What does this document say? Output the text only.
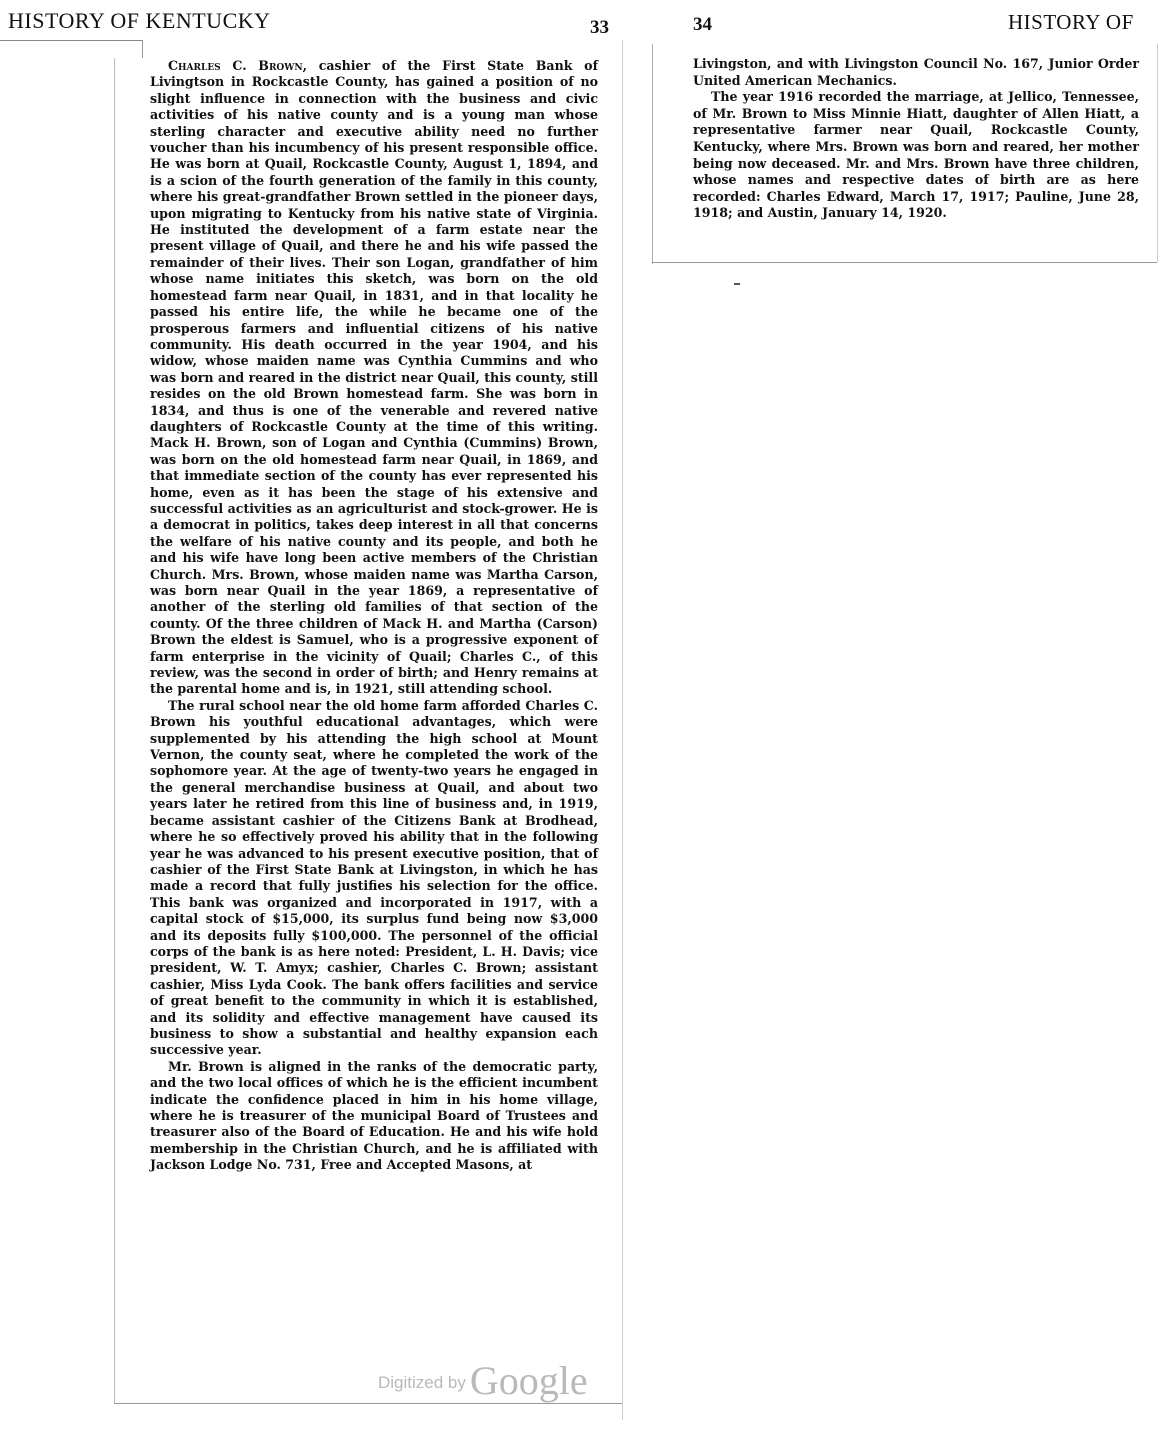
HISTORY OF KENTUCKY	33	34	HISTORY OF

Charles C. Brown, cashier of the First State Bank of Livingtson in Rockcastle County, has gained a position of no slight influence in connection with the business and civic activities of his native county and is a young man whose sterling character and executive ability need no further voucher than his incumbency of his present responsible office. He was born at Quail, Rockcastle County, August 1, 1894, and is a scion of the fourth generation of the family in this county, where his great-grandfather Brown settled in the pioneer days, upon migrating to Kentucky from his native state of Virginia. He instituted the development of a farm estate near the present village of Quail, and there he and his wife passed the remainder of their lives. Their son Logan, grandfather of him whose name initiates this sketch, was born on the old homestead farm near Quail, in 1831, and in that locality he passed his entire life, the while he became one of the prosperous farmers and influential citizens of his native community. His death occurred in the year 1904, and his widow, whose maiden name was Cynthia Cummins and who was born and reared in the district near Quail, this county, still resides on the old Brown homestead farm. She was born in 1834, and thus is one of the venerable and revered native daughters of Rockcastle County at the time of this writing. Mack H. Brown, son of Logan and Cynthia (Cummins) Brown, was born on the old homestead farm near Quail, in 1869, and that immediate section of the county has ever represented his home, even as it has been the stage of his extensive and successful activities as an agriculturist and stock-grower. He is a democrat in politics, takes deep interest in all that concerns the welfare of his native county and its people, and both he and his wife have long been active members of the Christian Church. Mrs. Brown, whose maiden name was Martha Carson, was born near Quail in the year 1869, a representative of another of the sterling old families of that section of the county. Of the three children of Mack H. and Martha (Carson) Brown the eldest is Samuel, who is a progressive exponent of farm enterprise in the vicinity of Quail; Charles C., of this review, was the second in order of birth; and Henry remains at the parental home and is, in 1921, still attending school.

The rural school near the old home farm afforded Charles C. Brown his youthful educational advantages, which were supplemented by his attending the high school at Mount Vernon, the county seat, where he completed the work of the sophomore year. At the age of twenty-two years he engaged in the general merchandise business at Quail, and about two years later he retired from this line of business and, in 1919, became assistant cashier of the Citizens Bank at Brodhead, where he so effectively proved his ability that in the following year he was advanced to his present executive position, that of cashier of the First State Bank at Livingston, in which he has made a record that fully justifies his selection for the office. This bank was organized and incorporated in 1917, with a capital stock of $15,000, its surplus fund being now $3,000 and its deposits fully $100,000. The personnel of the official corps of the bank is as here noted: President, L. H. Davis; vice president, W. T. Amyx; cashier, Charles C. Brown; assistant cashier, Miss Lyda Cook. The bank offers facilities and service of great benefit to the community in which it is established, and its solidity and effective management have caused its business to show a substantial and healthy expansion each successive year.

Mr. Brown is aligned in the ranks of the democratic party, and the two local offices of which he is the efficient incumbent indicate the confidence placed in him in his home village, where he is treasurer of the municipal Board of Trustees and treasurer also of the Board of Education. He and his wife hold membership in the Christian Church, and he is affiliated with Jackson Lodge No. 731, Free and Accepted Masons, at

Livingston, and with Livingston Council No. 167, Junior Order United American Mechanics.

The year 1916 recorded the marriage, at Jellico, Tennessee, of Mr. Brown to Miss Minnie Hiatt, daughter of Allen Hiatt, a representative farmer near Quail, Rockcastle County, Kentucky, where Mrs. Brown was born and reared, her mother being now deceased. Mr. and Mrs. Brown have three children, whose names and respective dates of birth are as here recorded: Charles Edward, March 17, 1917; Pauline, June 28, 1918; and Austin, January 14, 1920.

Digitized by Google
